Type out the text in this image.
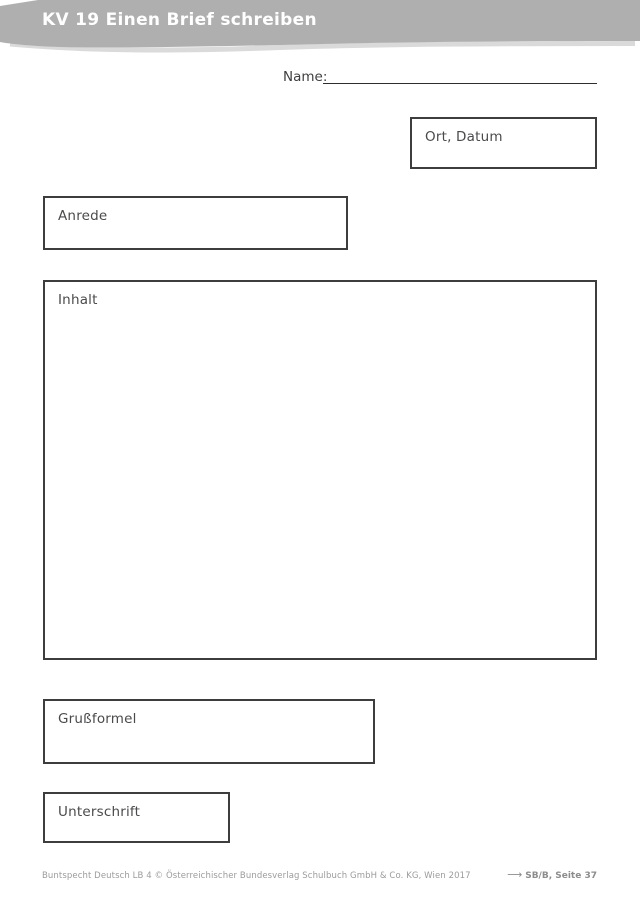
KV 19 Einen Brief schreiben
Name:
Ort, Datum
Anrede
Inhalt
Grußformel
Unterschrift
Buntspecht Deutsch LB 4 © Österreichischer Bundesverlag Schulbuch GmbH & Co. KG, Wien 2017	⟶ SB/B, Seite 37
